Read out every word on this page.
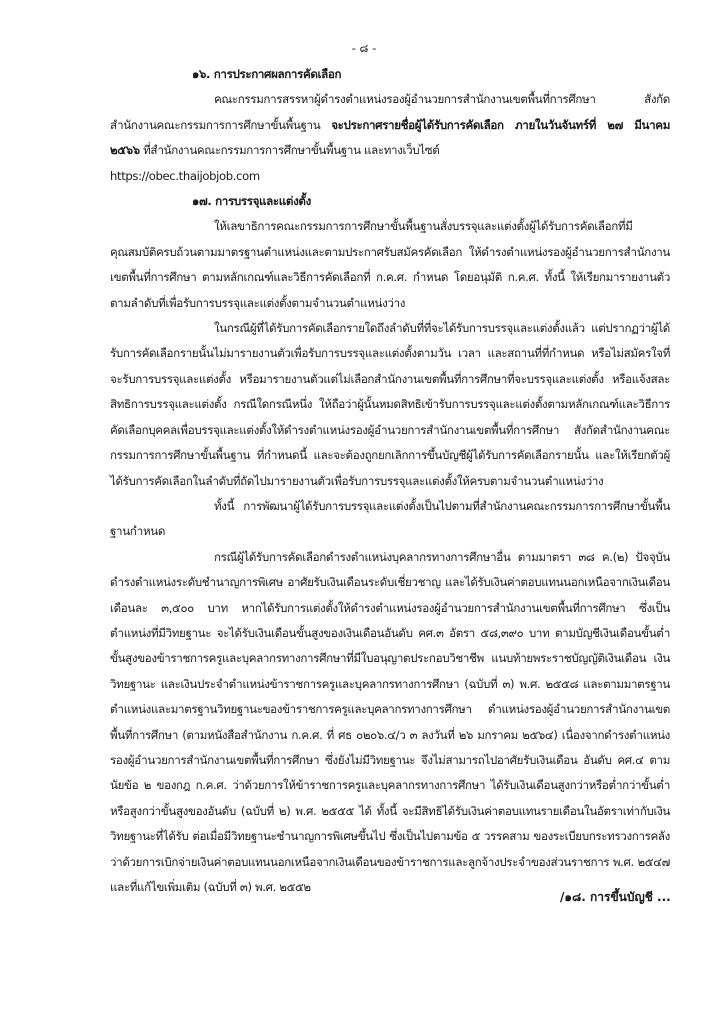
- ๘ -
๑๖. การประกาศผลการคัดเลือก

คณะกรรมการสรรหาผู้ดำรงตำแหน่งรองผู้อำนวยการสำนักงานเขตพื้นที่การศึกษา สังกัดสำนักงานคณะกรรมการการศึกษาขั้นพื้นฐาน จะประกาศรายชื่อผู้ได้รับการคัดเลือก ภายในวันจันทร์ที่ ๒๗ มีนาคม ๒๕๖๖ ที่สำนักงานคณะกรรมการการศึกษาขั้นพื้นฐาน และทางเว็บไซต์

https://obec.thaijobjob.com
๑๗. การบรรจุและแต่งตั้ง

ให้เลขาธิการคณะกรรมการการศึกษาขั้นพื้นฐานสั่งบรรจุและแต่งตั้งผู้ได้รับการคัดเลือกที่มีคุณสมบัติครบถ้วนตามมาตรฐานตำแหน่งและตามประกาศรับสมัครคัดเลือก ให้ดำรงตำแหน่งรองผู้อำนวยการสำนักงานเขตพื้นที่การศึกษา ตามหลักเกณฑ์และวิธีการคัดเลือกที่ ก.ค.ศ. กำหนด โดยอนุมัติ ก.ค.ศ. ทั้งนี้ ให้เรียกมารายงานตัวตามลำดับที่เพื่อรับการบรรจุและแต่งตั้งตามจำนวนตำแหน่งว่าง

ในกรณีผู้ที่ได้รับการคัดเลือกรายใดถึงลำดับที่ที่จะได้รับการบรรจุและแต่งตั้งแล้ว แต่ปรากฏว่าผู้ได้รับการคัดเลือกรายนั้นไม่มารายงานตัวเพื่อรับการบรรจุและแต่งตั้งตามวัน เวลา และสถานที่ที่กำหนด หรือไม่สมัครใจที่จะรับการบรรจุและแต่งตั้ง หรือมารายงานตัวแต่ไม่เลือกสำนักงานเขตพื้นที่การศึกษาที่จะบรรจุและแต่งตั้ง หรือแจ้งสละสิทธิการบรรจุและแต่งตั้ง กรณีใดกรณีหนึ่ง ให้ถือว่าผู้นั้นหมดสิทธิเข้ารับการบรรจุและแต่งตั้งตามหลักเกณฑ์และวิธีการคัดเลือกบุคคลเพื่อบรรจุและแต่งตั้งให้ดำรงตำแหน่งรองผู้อำนวยการสำนักงานเขตพื้นที่การศึกษา สังกัดสำนักงานคณะกรรมการการศึกษาขั้นพื้นฐาน ที่กำหนดนี้ และจะต้องถูกยกเลิกการขึ้นบัญชีผู้ได้รับการคัดเลือกรายนั้น และให้เรียกตัวผู้ได้รับการคัดเลือกในลำดับที่ถัดไปมารายงานตัวเพื่อรับการบรรจุและแต่งตั้งให้ครบตามจำนวนตำแหน่งว่าง

ทั้งนี้ การพัฒนาผู้ได้รับการบรรจุและแต่งตั้งเป็นไปตามที่สำนักงานคณะกรรมการการศึกษาขั้นพื้นฐานกำหนด

กรณีผู้ได้รับการคัดเลือกดำรงตำแหน่งบุคลากรทางการศึกษาอื่น ตามมาตรา ๓๘ ค.(๒) ปัจจุบันดำรงตำแหน่งระดับชำนาญการพิเศษ อาศัยรับเงินเดือนระดับเชี่ยวชาญ และได้รับเงินค่าตอบแทนนอกเหนือจากเงินเดือน เดือนละ ๓,๕๐๐ บาท หากได้รับการแต่งตั้งให้ดำรงตำแหน่งรองผู้อำนวยการสำนักงานเขตพื้นที่การศึกษา ซึ่งเป็นตำแหน่งที่มีวิทยฐานะ จะได้รับเงินเดือนขั้นสูงของเงินเดือนอันดับ คศ.๓ อัตรา ๕๘,๓๙๐ บาท ตามบัญชีเงินเดือนขั้นต่ำขั้นสูงของข้าราชการครูและบุคลากรทางการศึกษาที่มีใบอนุญาตประกอบวิชาชีพ แนบท้ายพระราชบัญญัติเงินเดือน เงินวิทยฐานะ และเงินประจำตำแหน่งข้าราชการครูและบุคลากรทางการศึกษา (ฉบับที่ ๓) พ.ศ. ๒๕๕๘ และตามมาตรฐานตำแหน่งและมาตรฐานวิทยฐานะของข้าราชการครูและบุคลากรทางการศึกษา ตำแหน่งรองผู้อำนวยการสำนักงานเขตพื้นที่การศึกษา (ตามหนังสือสำนักงาน ก.ค.ศ. ที่ ศธ ๐๒๐๖.๔/ว ๓ ลงวันที่ ๒๖ มกราคม ๒๕๖๔) เนื่องจากดำรงตำแหน่งรองผู้อำนวยการสำนักงานเขตพื้นที่การศึกษา ซึ่งยังไม่มีวิทยฐานะ จึงไม่สามารถไปอาศัยรับเงินเดือน อันดับ คศ.๔ ตามนัยข้อ ๒ ของกฎ ก.ค.ศ. ว่าด้วยการให้ข้าราชการครูและบุคลากรทางการศึกษา ได้รับเงินเดือนสูงกว่าหรือต่ำกว่าขั้นต่ำหรือสูงกว่าขั้นสูงของอันดับ (ฉบับที่ ๒) พ.ศ. ๒๕๕๕ ได้ ทั้งนี้ จะมีสิทธิได้รับเงินค่าตอบแทนรายเดือนในอัตราเท่ากับเงินวิทยฐานะที่ได้รับ ต่อเมื่อมีวิทยฐานะชำนาญการพิเศษขึ้นไป ซึ่งเป็นไปตามข้อ ๕ วรรคสาม ของระเบียบกระทรวงการคลังว่าด้วยการเบิกจ่ายเงินค่าตอบแทนนอกเหนือจากเงินเดือนของข้าราชการและลูกจ้างประจำของส่วนราชการ พ.ศ. ๒๕๔๗ และที่แก้ไขเพิ่มเติม (ฉบับที่ ๓) พ.ศ. ๒๕๕๒

/๑๘. การขึ้นบัญชี ...
